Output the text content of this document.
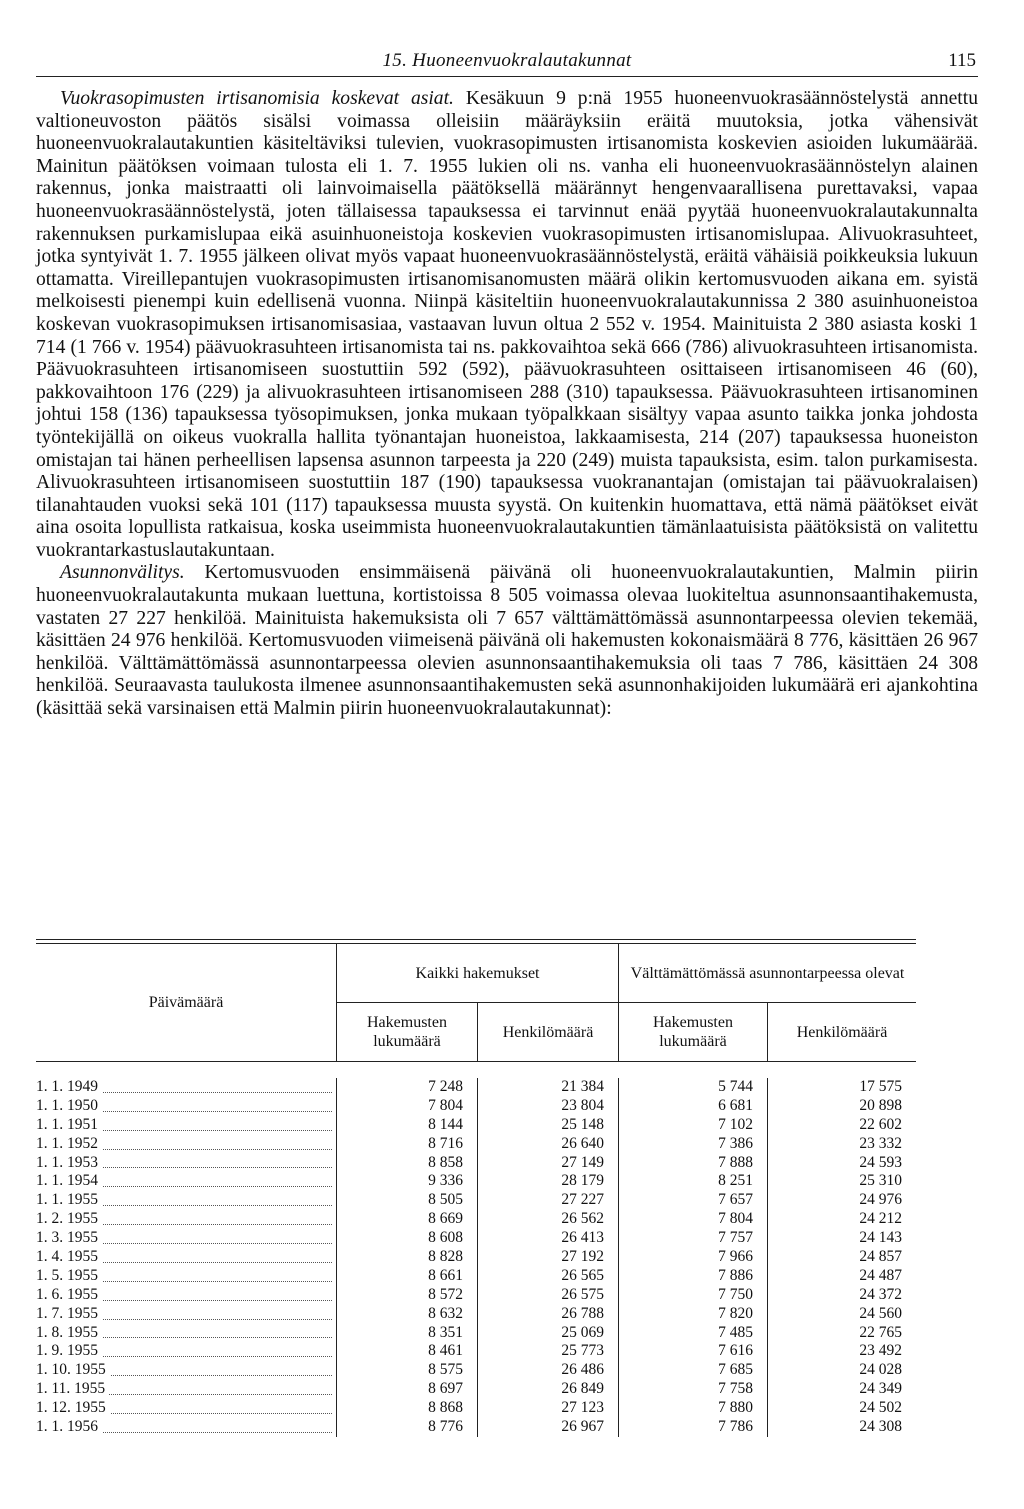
15. Huoneenvuokralautakunnat	115

Vuokrasopimusten irtisanomisia koskevat asiat. Kesäkuun 9 p:nä 1955 huoneenvuokrasäännöstelystä annettu valtioneuvoston päätös sisälsi voimassa olleisiin määräyksiin eräitä muutoksia, jotka vähensivät huoneenvuokralautakuntien käsiteltäviksi tulevien, vuokrasopimusten irtisanomista koskevien asioiden lukumäärää. Mainitun päätöksen voimaan tulosta eli 1. 7. 1955 lukien oli ns. vanha eli huoneenvuokrasäännöstelyn alainen rakennus, jonka maistraatti oli lainvoimaisella päätöksellä määrännyt hengenvaarallisena purettavaksi, vapaa huoneenvuokrasäännöstelystä, joten tällaisessa tapauksessa ei tarvinnut enää pyytää huoneenvuokralautakunnalta rakennuksen purkamislupaa eikä asuinhuoneistoja koskevien vuokrasopimusten irtisanomislupaa. Alivuokrasuhteet, jotka syntyivät 1. 7. 1955 jälkeen olivat myös vapaat huoneenvuokrasäännöstelystä, eräitä vähäisiä poikkeuksia lukuun ottamatta. Vireillepantujen vuokrasopimusten irtisanomisanomusten määrä olikin kertomusvuoden aikana em. syistä melkoisesti pienempi kuin edellisenä vuonna. Niinpä käsiteltiin huoneenvuokralautakunnissa 2 380 asuinhuoneistoa koskevan vuokrasopimuksen irtisanomisasiaa, vastaavan luvun oltua 2 552 v. 1954. Mainituista 2 380 asiasta koski 1 714 (1 766 v. 1954) päävuokrasuhteen irtisanomista tai ns. pakkovaihtoa sekä 666 (786) alivuokrasuhteen irtisanomista. Päävuokrasuhteen irtisanomiseen suostuttiin 592 (592), päävuokrasuhteen osittaiseen irtisanomiseen 46 (60), pakkovaihtoon 176 (229) ja alivuokrasuhteen irtisanomiseen 288 (310) tapauksessa. Päävuokrasuhteen irtisanominen johtui 158 (136) tapauksessa työsopimuksen, jonka mukaan työpalkkaan sisältyy vapaa asunto taikka jonka johdosta työntekijällä on oikeus vuokralla hallita työnantajan huoneistoa, lakkaamisesta, 214 (207) tapauksessa huoneiston omistajan tai hänen perheellisen lapsensa asunnon tarpeesta ja 220 (249) muista tapauksista, esim. talon purkamisesta. Alivuokrasuhteen irtisanomiseen suostuttiin 187 (190) tapauksessa vuokranantajan (omistajan tai päävuokralaisen) tilanahtauden vuoksi sekä 101 (117) tapauksessa muusta syystä. On kuitenkin huomattava, että nämä päätökset eivät aina osoita lopullista ratkaisua, koska useimmista huoneenvuokralautakuntien tämänlaatuisista päätöksistä on valitettu vuokrantarkastuslautakuntaan.

Asunnonvälitys. Kertomusvuoden ensimmäisenä päivänä oli huoneenvuokralautakuntien, Malmin piirin huoneenvuokralautakunta mukaan luettuna, kortistoissa 8 505 voimassa olevaa luokiteltua asunnonsaantihakemusta, vastaten 27 227 henkilöä. Mainituista hakemuksista oli 7 657 välttämättömässä asunnontarpeessa olevien tekemää, käsittäen 24 976 henkilöä. Kertomusvuoden viimeisenä päivänä oli hakemusten kokonaismäärä 8 776, käsittäen 26 967 henkilöä. Välttämättömässä asunnontarpeessa olevien asunnonsaantihakemuksia oli taas 7 786, käsittäen 24 308 henkilöä. Seuraavasta taulukosta ilmenee asunnonsaantihakemusten sekä asunnonhakijoiden lukumäärä eri ajankohtina (käsittää sekä varsinaisen että Malmin piirin huoneenvuokralautakunnat):

Päivämäärä
Kaikki hakemukset	Välttämättömässä asunnontarpeessa olevat
Hakemusten lukumäärä
Henkilömäärä
Hakemusten lukumäärä
Henkilömäärä
1. 1. 1949	7 248	21 384	5 744	17 575
1. 1. 1950	7 804	23 804	6 681	20 898
1. 1. 1951	8 144	25 148	7 102	22 602
1. 1. 1952	8 716	26 640	7 386	23 332
1. 1. 1953	8 858	27 149	7 888	24 593
1. 1. 1954	9 336	28 179	8 251	25 310
1. 1. 1955	8 505	27 227	7 657	24 976
1. 2. 1955	8 669	26 562	7 804	24 212
1. 3. 1955	8 608	26 413	7 757	24 143
1. 4. 1955	8 828	27 192	7 966	24 857
1. 5. 1955	8 661	26 565	7 886	24 487
1. 6. 1955	8 572	26 575	7 750	24 372
1. 7. 1955	8 632	26 788	7 820	24 560
1. 8. 1955	8 351	25 069	7 485	22 765
1. 9. 1955	8 461	25 773	7 616	23 492
1. 10. 1955	8 575	26 486	7 685	24 028
1. 11. 1955	8 697	26 849	7 758	24 349
1. 12. 1955	8 868	27 123	7 880	24 502
1. 1. 1956	8 776	26 967	7 786	24 308
